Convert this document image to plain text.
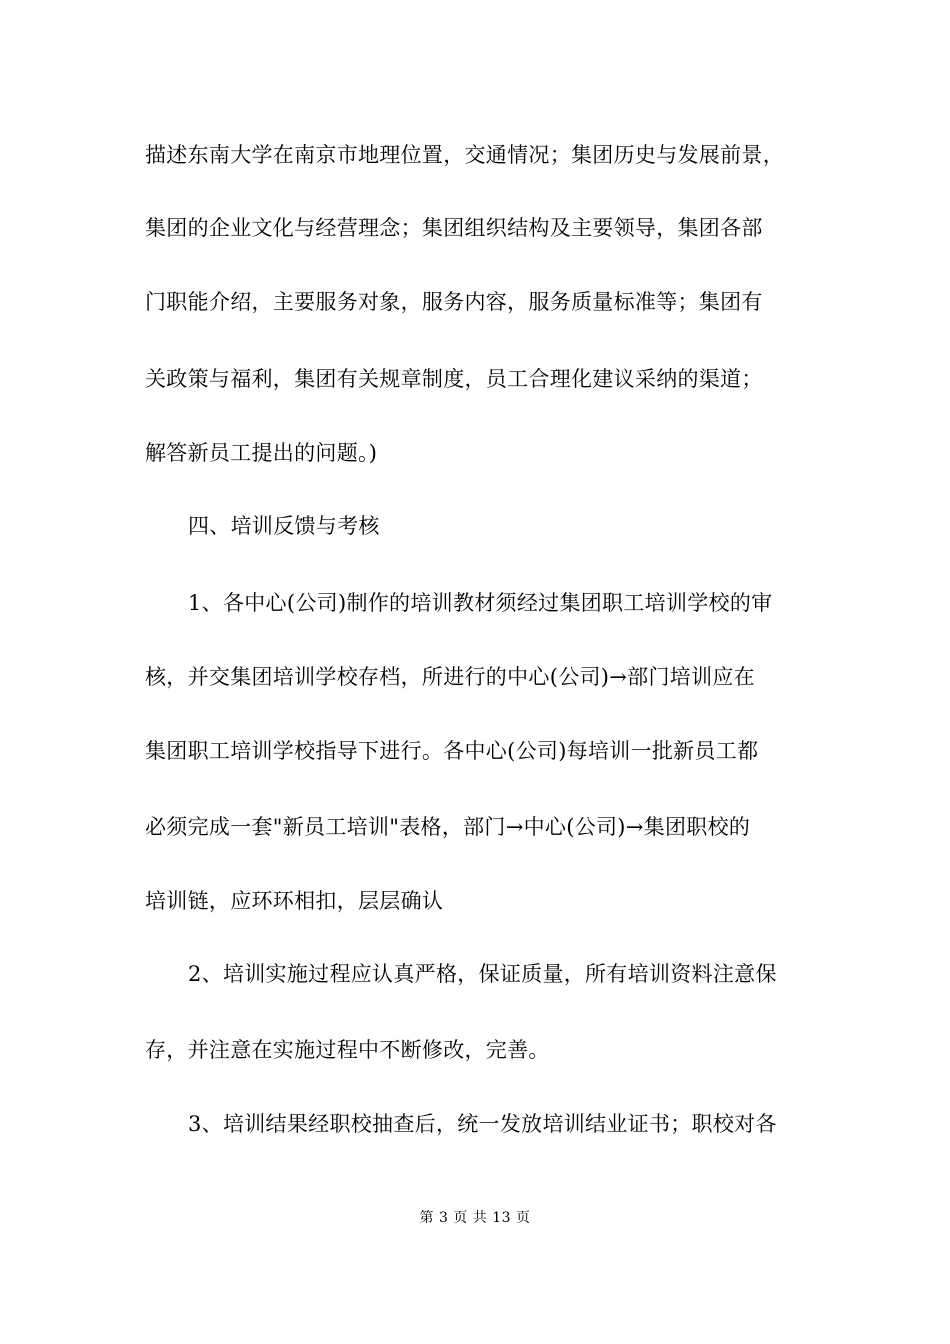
描述东南大学在南京市地理位置，交通情况；集团历史与发展前景，
集团的企业文化与经营理念；集团组织结构及主要领导，集团各部
门职能介绍，主要服务对象，服务内容，服务质量标准等；集团有
关政策与福利，集团有关规章制度，员工合理化建议采纳的渠道；
解答新员工提出的问题。)
四、培训反馈与考核
1、各中心(公司)制作的培训教材须经过集团职工培训学校的审
核，并交集团培训学校存档，所进行的中心(公司)→部门培训应在
集团职工培训学校指导下进行。各中心(公司)每培训一批新员工都
必须完成一套"新员工培训"表格，部门→中心(公司)→集团职校的
培训链，应环环相扣，层层确认
2、培训实施过程应认真严格，保证质量，所有培训资料注意保
存，并注意在实施过程中不断修改，完善。
3、培训结果经职校抽查后，统一发放培训结业证书；职校对各
第 3 页 共 13 页
